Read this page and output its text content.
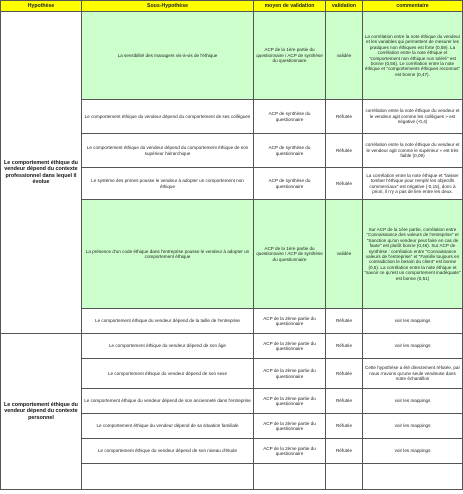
Hypothèse	Sous-Hypothèse	moyen de validation	validation	commentaire
Le comportement éthique du vendeur dépend du contexte professionnel dans lequel il évolue	La sensibilité des managers vis-à-vis de l'éthique	ACP de la 1ère partie du questionnaire / ACP de synthèse du questionnaire	validée	La corrélation entre la note éthique du vendeur et les variables qui permettent de mesurer les pratiques non éthiques est forte (0,59). La corrélation entre la note éthique et "comportement non éthique non toléré" est bonne (0,56). Le corrélation entre la note éthique et "comportements éthiques reconnus" est bonne (0,47).
	Le comportement éthique du vendeur dépend du comportement de ses collègues	ACP de synthèse du questionnaire	Réfutée	corrélation entre la note éthique du vendeur et le vendeur agit comme les collègues » est négative (-0,4)
	Le comportement éthique du vendeur dépend du comportement éthique de son supérieur hiérarchique	ACP de synthèse du questionnaire	Réfutée	corrélation entre la note éthique du vendeur et le vendeur agit comme le supérieur » est très faible (0,09)
	Le système des primes pousse le vendeur à adopter un comportement non éthique	ACP de synthèse du questionnaire	Réfutée	La corrélation entre la note éthique et "laisser tomber l'éthique pour remplir les objectifs commerciaux" est négative (-0,15), donc à priori, il n'y a pas de lien entre les deux.
	La présence d'un code éthique dans l'entreprise pousse le vendeur à adopter un comportement éthique	ACP de la 1ère partie du questionnaire / ACP de synthèse du questionnaire	validée	Sur ACP de la 1ère partie, corrélation entre "Connaissance des valeurs de l'entreprise" et "Sanction qu'un vendeur peut faire en cas de faute" est plutôt bonne (0,46). Sur ACP de synthèse : corrélation entre "Connaissance valeurs de l'entreprise" et "Famille toujours en contradiction le besoin du client" est bonne (0,5). La corrélation entre la note éthique et "savoir ce qu'est un comportement inadéquate" est bonne (0,51)
	Le comportement éthique du vendeur dépend de la taille de l'entreprise	ACP de la 2ème partie du questionnaire	Réfutée	voir les mappings
Le comportement éthique du vendeur dépend du contexte personnel	Le comportement éthique du vendeur dépend de son âge	ACP de la 2ème partie du questionnaire	Réfutée	voir les mappings
	Le comportement éthique du vendeur dépend de son sexe	ACP de la 2ème partie du questionnaire	Réfutée	Cette hypothèse a été directement réfutée, par nous n'avons qu'une seule vendeuse dans notre échantillon
	Le comportement éthique du vendeur dépend de son ancienneté dans l'entreprise	ACP de la 2ème partie du questionnaire	Réfutée	voir les mappings
	Le comportement éthique du vendeur dépend de sa situation familiale	ACP de la 2ème partie du questionnaire	Réfutée	voir les mappings
	Le comportement éthique du vendeur dépend de son niveau d'étude	ACP de la 2ème partie du questionnaire	Réfutée	voir les mappings
